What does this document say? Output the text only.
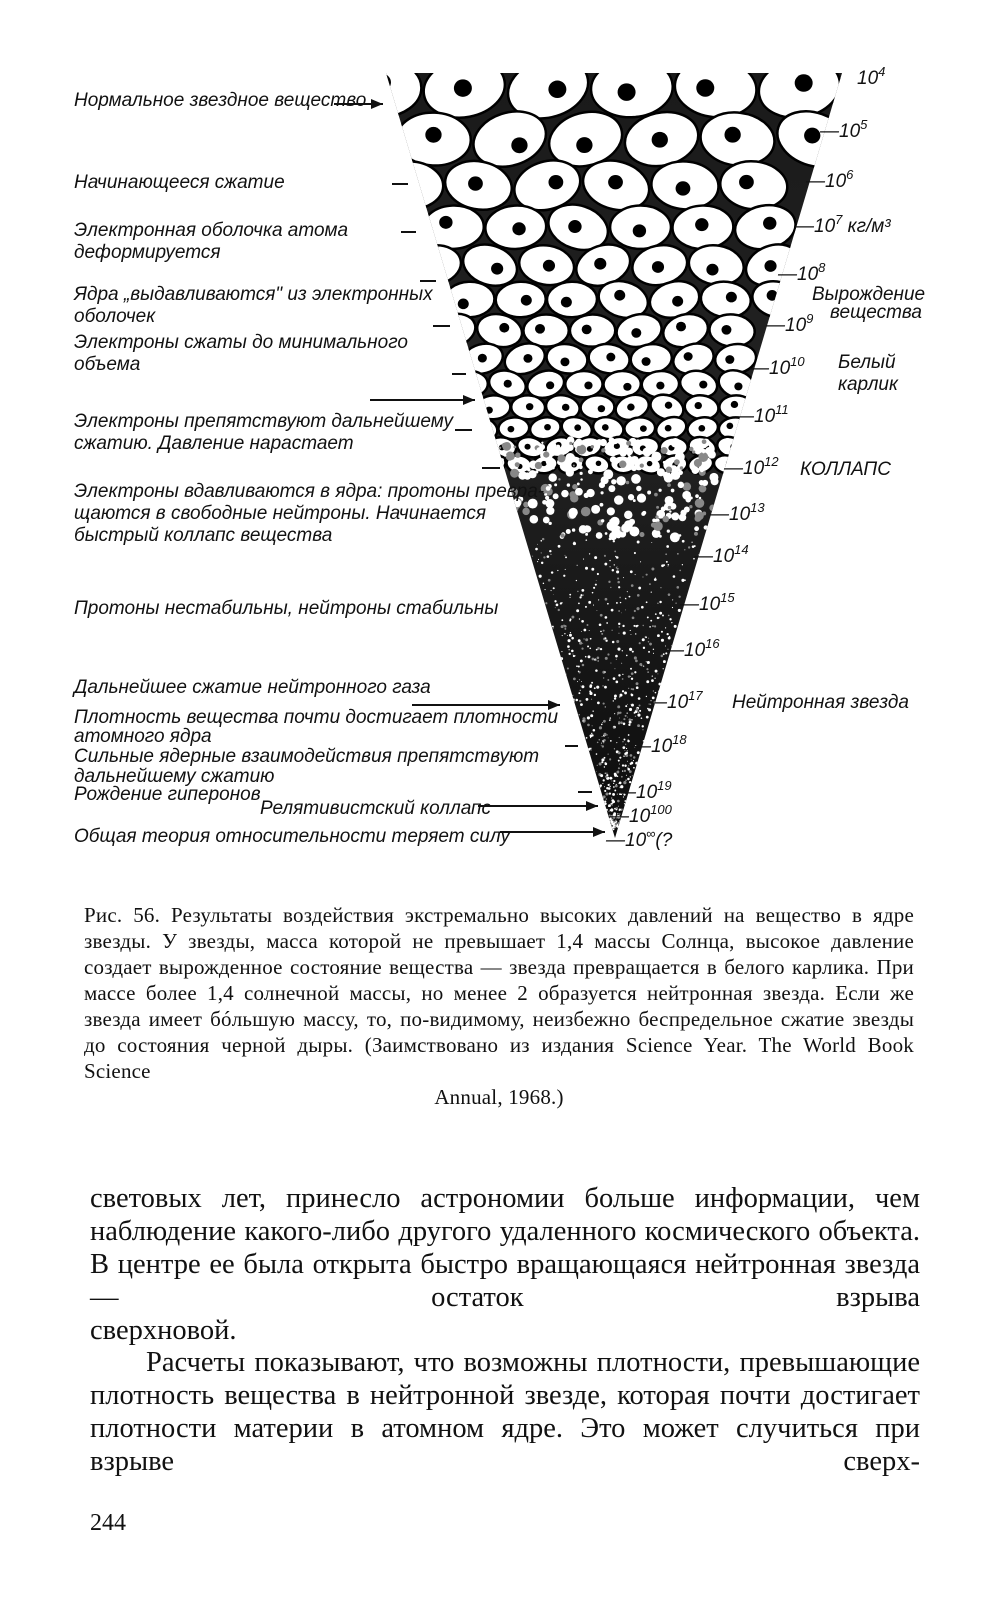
Нормальное звездное вещество
Начинающееся сжатие
Электронная оболочка атома
деформируется
Ядра „выдавливаются" из электронных
оболочек
Электроны сжаты до минимального
объема
Электроны препятствуют дальнейшему
сжатию. Давление нарастает
Электроны вдавливаются в ядра: протоны превра-
щаются в свободные нейтроны. Начинается
быстрый коллапс вещества
Протоны нестабильны, нейтроны стабильны
Дальнейшее сжатие нейтронного газа
Плотность вещества почти достигает плотности
атомного ядра
Сильные ядерные взаимодействия препятствуют
дальнейшему сжатию
Рождение гиперонов
Релятивистский коллапс
Общая теория относительности теряет силу
$10^4$
$—10^5$
$—10^6$
$—10^7$ кг/м³
$—10^8$
$—10^9$
$—10^{10}$
$—10^{11}$
$—10^{12}$
$—10^{13}$
$—10^{14}$
$—10^{15}$
$—10^{16}$
$—10^{17}$
$—10^{18}$
$—10^{19}$
$—10^{100}$
—10∞(?
Вырождение
вещества
Белый
карлик
КОЛЛАПС
Нейтронная звезда
Рис. 56. Результаты воздействия экстремально высоких давлений на вещество в ядре звезды. У звезды, масса которой не превышает 1,4 массы Солнца, высокое давление создает вырожденное состояние вещества — звезда превращается в белого карлика. При массе более 1,4 солнечной массы, но менее 2 образуется нейтронная звезда. Если же звезда имеет бóльшую массу, то, по-видимому, неизбежно беспредельное сжатие звезды до состояния черной дыры. (Заимствовано из издания Science Year. The World Book Science
Annual, 1968.)
световых лет, принесло астрономии больше информации, чем наблюдение какого-либо другого удаленного космического объекта. В центре ее была открыта быстро вращающаяся нейтронная звезда — остаток взрыва
сверхновой.
Расчеты показывают, что возможны плотности, превышающие плотность вещества в нейтронной звезде, которая почти достигает плотности материи в атомном ядре. Это может случиться при взрыве сверх-
244
